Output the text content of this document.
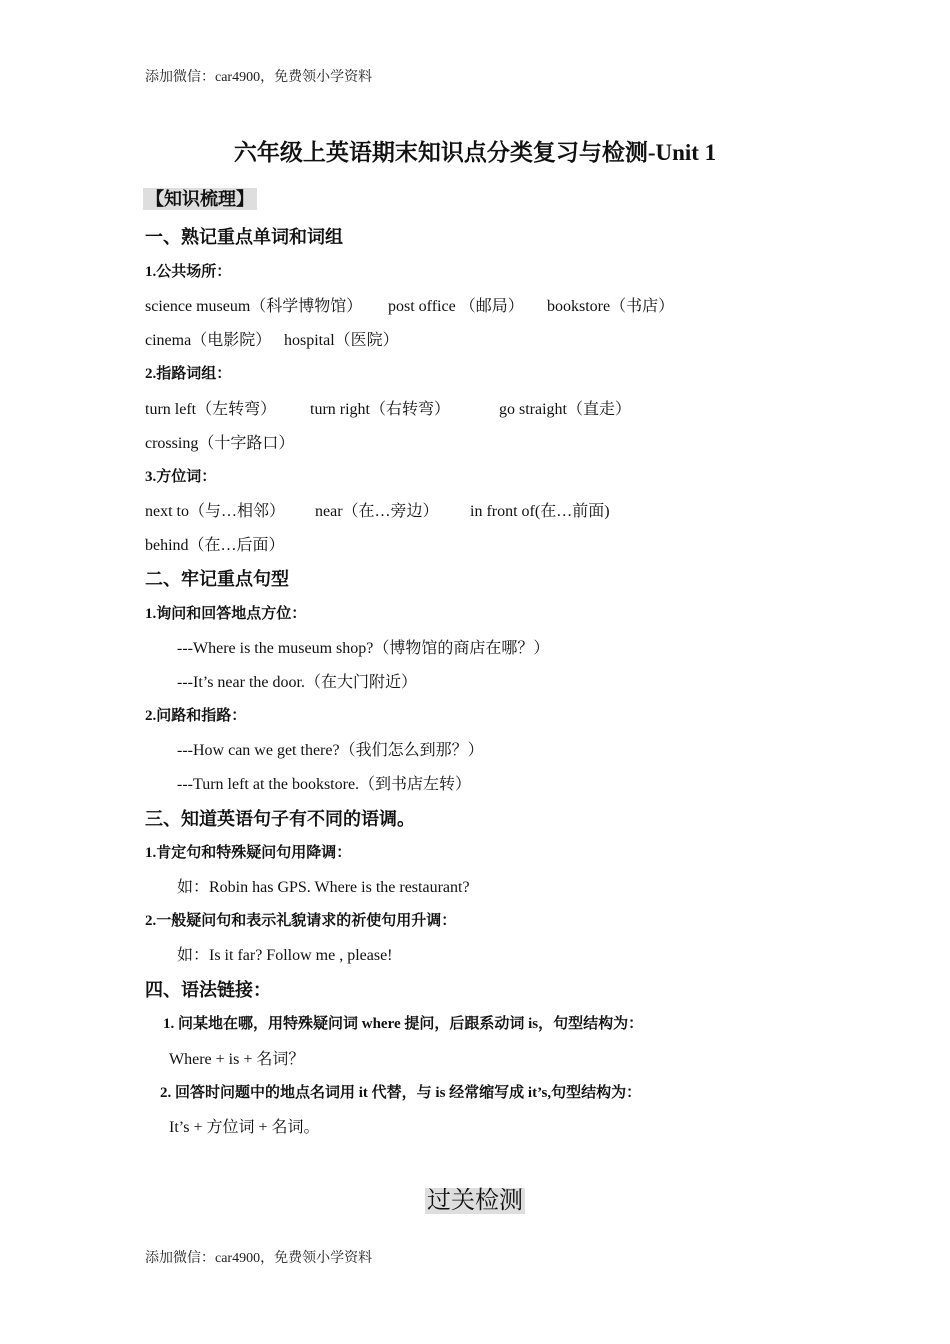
添加微信：car4900，免费领小学资料
六年级上英语期末知识点分类复习与检测-Unit 1
【知识梳理】
一、熟记重点单词和词组
1.公共场所：
science museum（科学博物馆） post office （邮局） bookstore（书店）
cinema（电影院） hospital（医院）
2.指路词组：
turn left（左转弯） turn right（右转弯）	go straight（直走）
crossing（十字路口）
3.方位词：
next to（与…相邻） near（在…旁边） in front of(在…前面)
behind（在…后面）
二、牢记重点句型
1.询问和回答地点方位：
---Where is the museum shop?（博物馆的商店在哪？）
---It’s near the door.（在大门附近）
2.问路和指路：
---How can we get there?（我们怎么到那？）
---Turn left at the bookstore.（到书店左转）
三、知道英语句子有不同的语调。
1.肯定句和特殊疑问句用降调：
如：Robin has GPS. Where is the restaurant?
2.一般疑问句和表示礼貌请求的祈使句用升调：
如：Is it far? Follow me , please!
四、语法链接：
1. 问某地在哪，用特殊疑问词 where 提问，后跟系动词 is，句型结构为：
Where + is + 名词？
2. 回答时问题中的地点名词用 it 代替，与 is 经常缩写成 it’s,句型结构为：
It’s + 方位词 + 名词。
过关检测
添加微信：car4900，免费领小学资料
